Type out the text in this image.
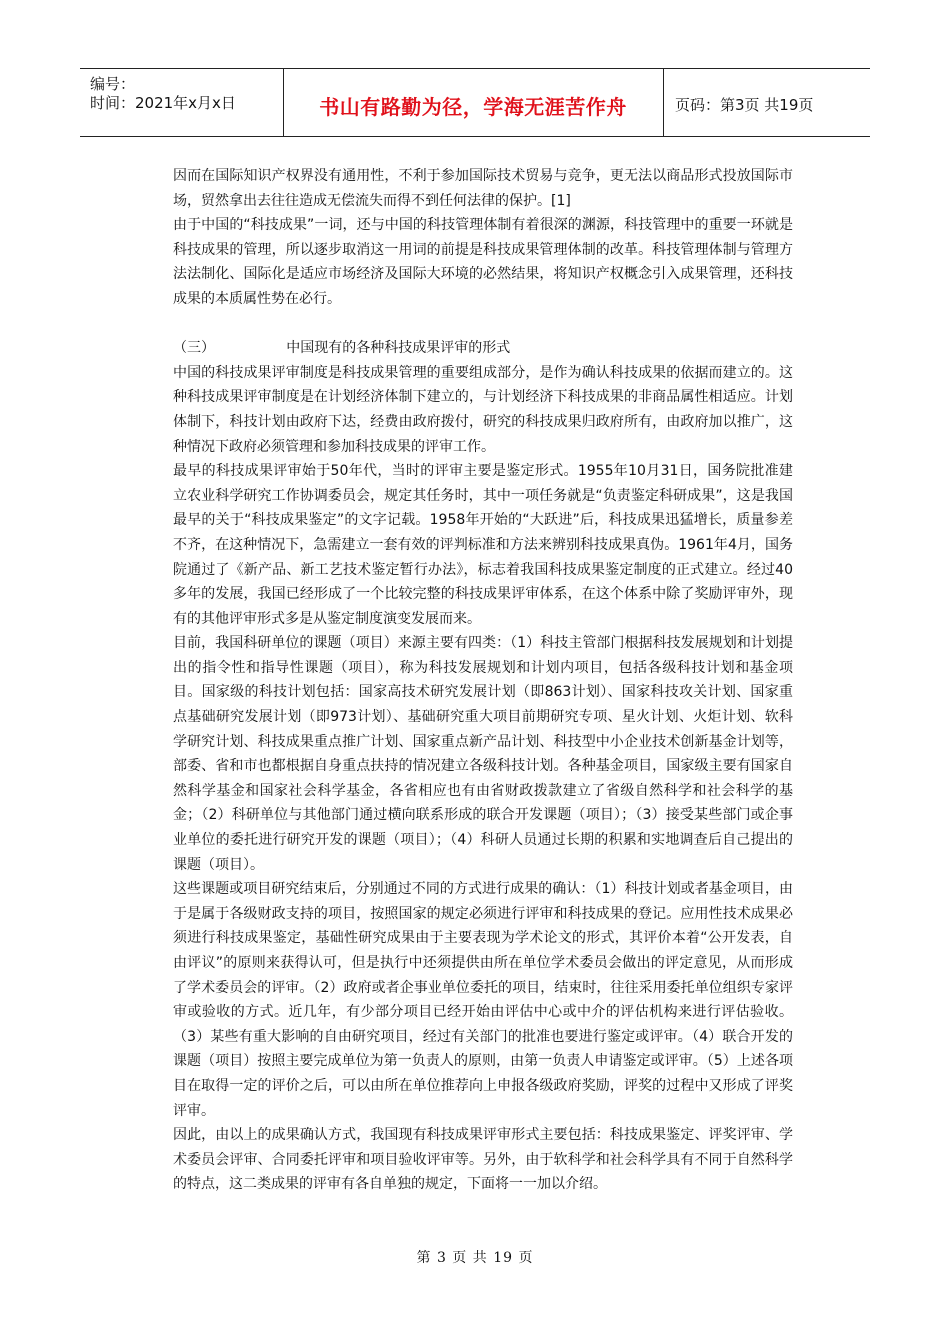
编号：
时间：2021年x月x日	书山有路勤为径，学海无涯苦作舟	页码：第3页 共19页

因而在国际知识产权界没有通用性，不利于参加国际技术贸易与竞争，更无法以商品形式投放国际市场，贸然拿出去往往造成无偿流失而得不到任何法律的保护。[1]

由于中国的“科技成果”一词，还与中国的科技管理体制有着很深的渊源，科技管理中的重要一环就是科技成果的管理，所以逐步取消这一用词的前提是科技成果管理体制的改革。科技管理体制与管理方法法制化、国际化是适应市场经济及国际大环境的必然结果，将知识产权概念引入成果管理，还科技成果的本质属性势在必行。

（三）	中国现有的各种科技成果评审的形式

中国的科技成果评审制度是科技成果管理的重要组成部分，是作为确认科技成果的依据而建立的。这种科技成果评审制度是在计划经济体制下建立的，与计划经济下科技成果的非商品属性相适应。计划体制下，科技计划由政府下达，经费由政府拨付，研究的科技成果归政府所有，由政府加以推广，这种情况下政府必须管理和参加科技成果的评审工作。

最早的科技成果评审始于50年代，当时的评审主要是鉴定形式。1955年10月31日，国务院批准建立农业科学研究工作协调委员会，规定其任务时，其中一项任务就是“负责鉴定科研成果”，这是我国最早的关于“科技成果鉴定”的文字记载。1958年开始的“大跃进”后，科技成果迅猛增长，质量参差不齐，在这种情况下，急需建立一套有效的评判标准和方法来辨别科技成果真伪。1961年4月，国务院通过了《新产品、新工艺技术鉴定暂行办法》，标志着我国科技成果鉴定制度的正式建立。经过40多年的发展，我国已经形成了一个比较完整的科技成果评审体系，在这个体系中除了奖励评审外，现有的其他评审形式多是从鉴定制度演变发展而来。

目前，我国科研单位的课题（项目）来源主要有四类：（1）科技主管部门根据科技发展规划和计划提出的指令性和指导性课题（项目），称为科技发展规划和计划内项目，包括各级科技计划和基金项目。国家级的科技计划包括：国家高技术研究发展计划（即863计划）、国家科技攻关计划、国家重点基础研究发展计划（即973计划）、基础研究重大项目前期研究专项、星火计划、火炬计划、软科学研究计划、科技成果重点推广计划、国家重点新产品计划、科技型中小企业技术创新基金计划等，部委、省和市也都根据自身重点扶持的情况建立各级科技计划。各种基金项目，国家级主要有国家自然科学基金和国家社会科学基金，各省相应也有由省财政拨款建立了省级自然科学和社会科学的基金；（2）科研单位与其他部门通过横向联系形成的联合开发课题（项目）；（3）接受某些部门或企事业单位的委托进行研究开发的课题（项目）；（4）科研人员通过长期的积累和实地调查后自己提出的课题（项目）。

这些课题或项目研究结束后，分别通过不同的方式进行成果的确认：（1）科技计划或者基金项目，由于是属于各级财政支持的项目，按照国家的规定必须进行评审和科技成果的登记。应用性技术成果必须进行科技成果鉴定，基础性研究成果由于主要表现为学术论文的形式，其评价本着“公开发表，自由评议”的原则来获得认可，但是执行中还须提供由所在单位学术委员会做出的评定意见，从而形成了学术委员会的评审。（2）政府或者企事业单位委托的项目，结束时，往往采用委托单位组织专家评审或验收的方式。近几年，有少部分项目已经开始由评估中心或中介的评估机构来进行评估验收。（3）某些有重大影响的自由研究项目，经过有关部门的批准也要进行鉴定或评审。（4）联合开发的课题（项目）按照主要完成单位为第一负责人的原则，由第一负责人申请鉴定或评审。（5）上述各项目在取得一定的评价之后，可以由所在单位推荐向上申报各级政府奖励，评奖的过程中又形成了评奖评审。

因此，由以上的成果确认方式，我国现有科技成果评审形式主要包括：科技成果鉴定、评奖评审、学术委员会评审、合同委托评审和项目验收评审等。另外，由于软科学和社会科学具有不同于自然科学的特点，这二类成果的评审有各自单独的规定，下面将一一加以介绍。

第 3 页 共 19 页
